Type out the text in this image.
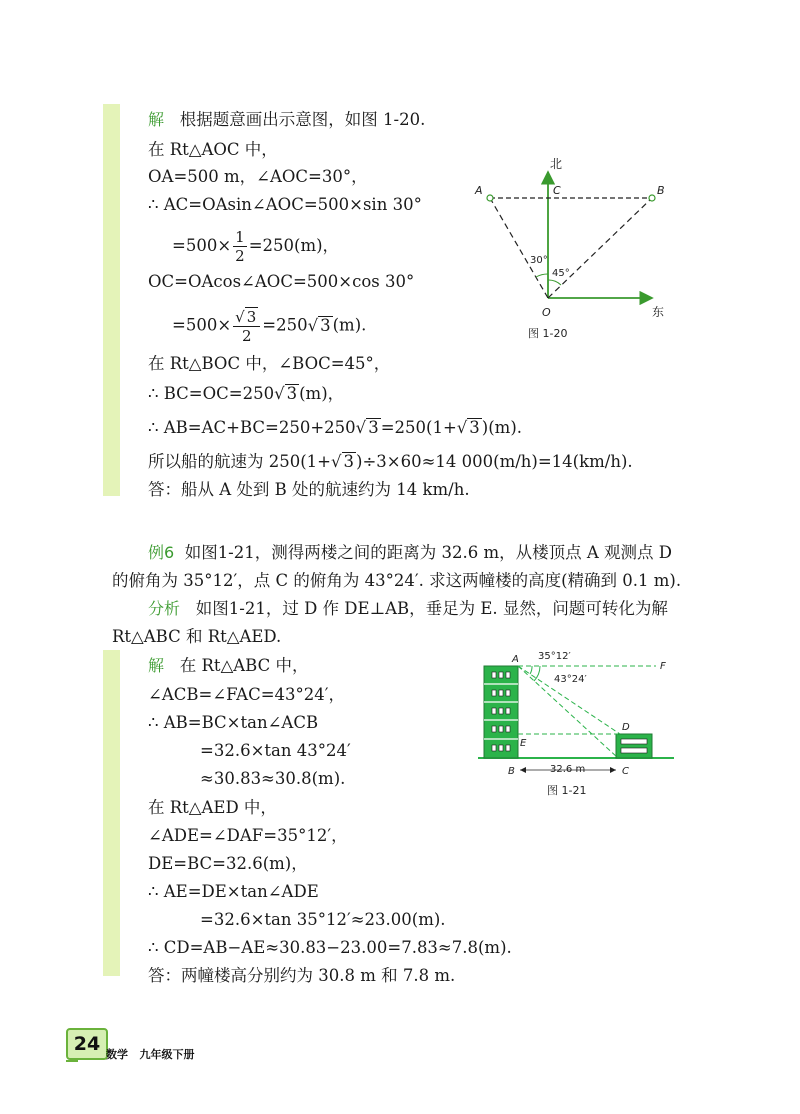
解 根据题意画出示意图，如图 1-20.
在 Rt△AOC 中，
OA=500 m，∠AOC=30°，
∴ AC=OAsin∠AOC=500×sin 30°
$=500\times \frac{1}{2} =250(m)$，
OC=OAcos∠AOC=500×cos 30°
$=500\times \frac{√ 3}{2} =250√$ 3 (m).
在 Rt△BOC 中，∠BOC=45°，
∴ BC=OC=250√ 3 (m)，
∴ AB=AC+BC=250+250√ 3 =250(1+√ 3 )(m).
所以船的航速为 250(1+√ 3 )÷3×60≈14 000(m/h)=14(km/h).
答：船从 A 处到 B 处的航速约为 14 km/h.
北
东
A	B
C
O
30°
45°
图 1-20
例6 如图1-21，测得两楼之间的距离为 32.6 m，从楼顶点 A 观测点 D
的俯角为 35°12′，点 C 的俯角为 43°24′. 求这两幢楼的高度(精确到 0.1 m).
分析 如图1-21，过 D 作 DE⊥AB，垂足为 E. 显然，问题可转化为解
Rt△ABC 和 Rt△AED.
解 在 Rt△ABC 中，
∠ACB=∠FAC=43°24′，
∴ AB=BC×tan∠ACB
=32.6×tan 43°24′
≈30.83≈30.8(m).
在 Rt△AED 中，
∠ADE=∠DAF=35°12′，
DE=BC=32.6(m)，
∴ AE=DE×tan∠ADE
=32.6×tan 35°12′≈23.00(m).
∴ CD=AB−AE≈30.83−23.00=7.83≈7.8(m).
答：两幢楼高分别约为 30.8 m 和 7.8 m.
A
F
35°12′
43°24′
D
E
B	C
32.6 m
图 1-21
24 数学 九年级下册
